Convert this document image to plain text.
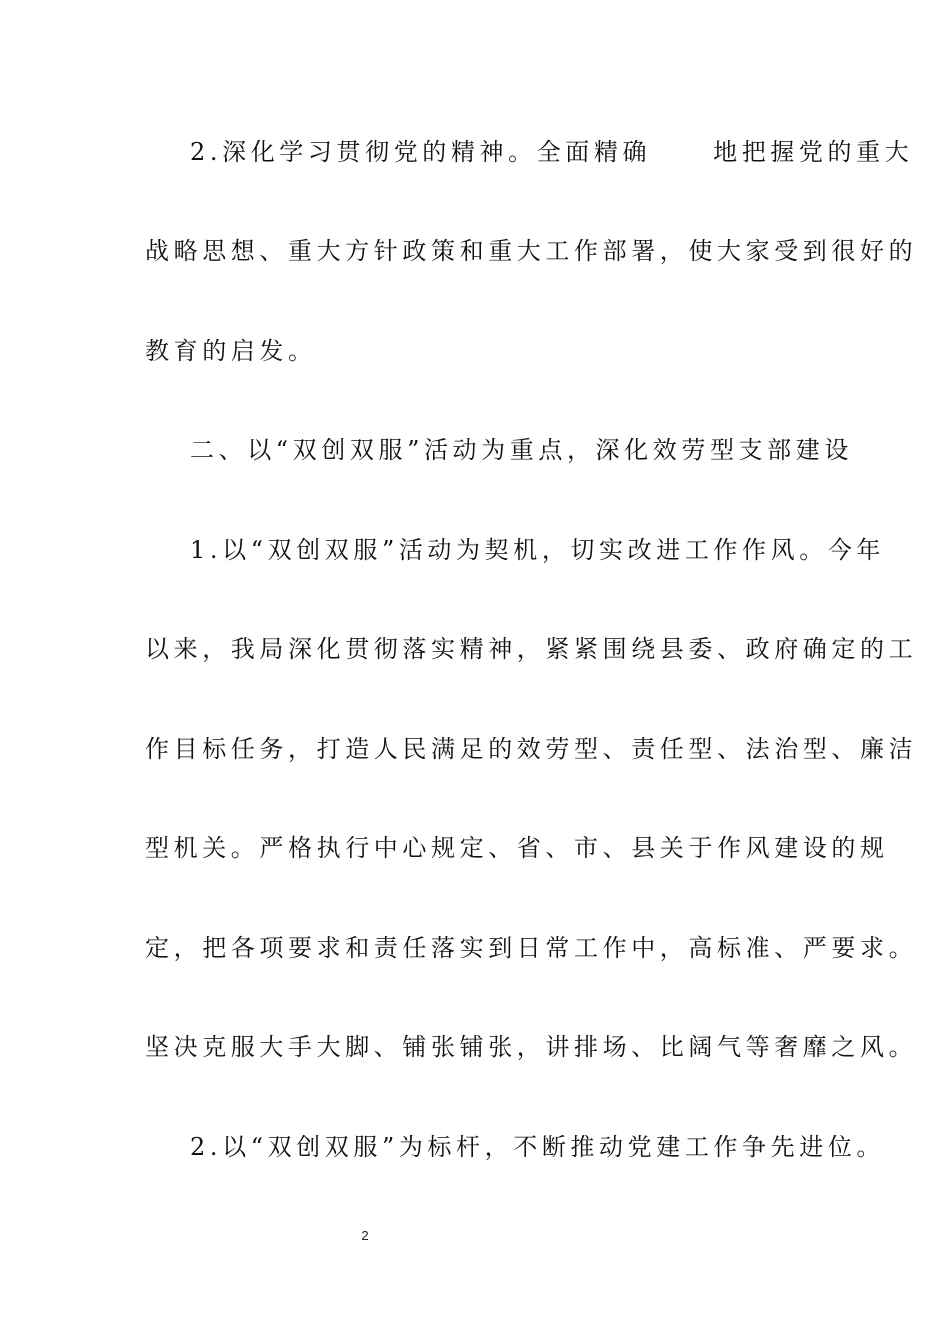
2.深化学习贯彻党的精神。全面精确	地把握党的重大
战略思想、重大方针政策和重大工作部署，使大家受到很好的
教育的启发。
二、以“双创双服”活动为重点，深化效劳型支部建设
1.以“双创双服”活动为契机，切实改进工作作风。今年
以来，我局深化贯彻落实精神，紧紧围绕县委、政府确定的工
作目标任务，打造人民满足的效劳型、责任型、法治型、廉洁
型机关。严格执行中心规定、省、市、县关于作风建设的规
定，把各项要求和责任落实到日常工作中，高标准、严要求。
坚决克服大手大脚、铺张铺张，讲排场、比阔气等奢靡之风。
2.以“双创双服”为标杆，不断推动党建工作争先进位。
2
